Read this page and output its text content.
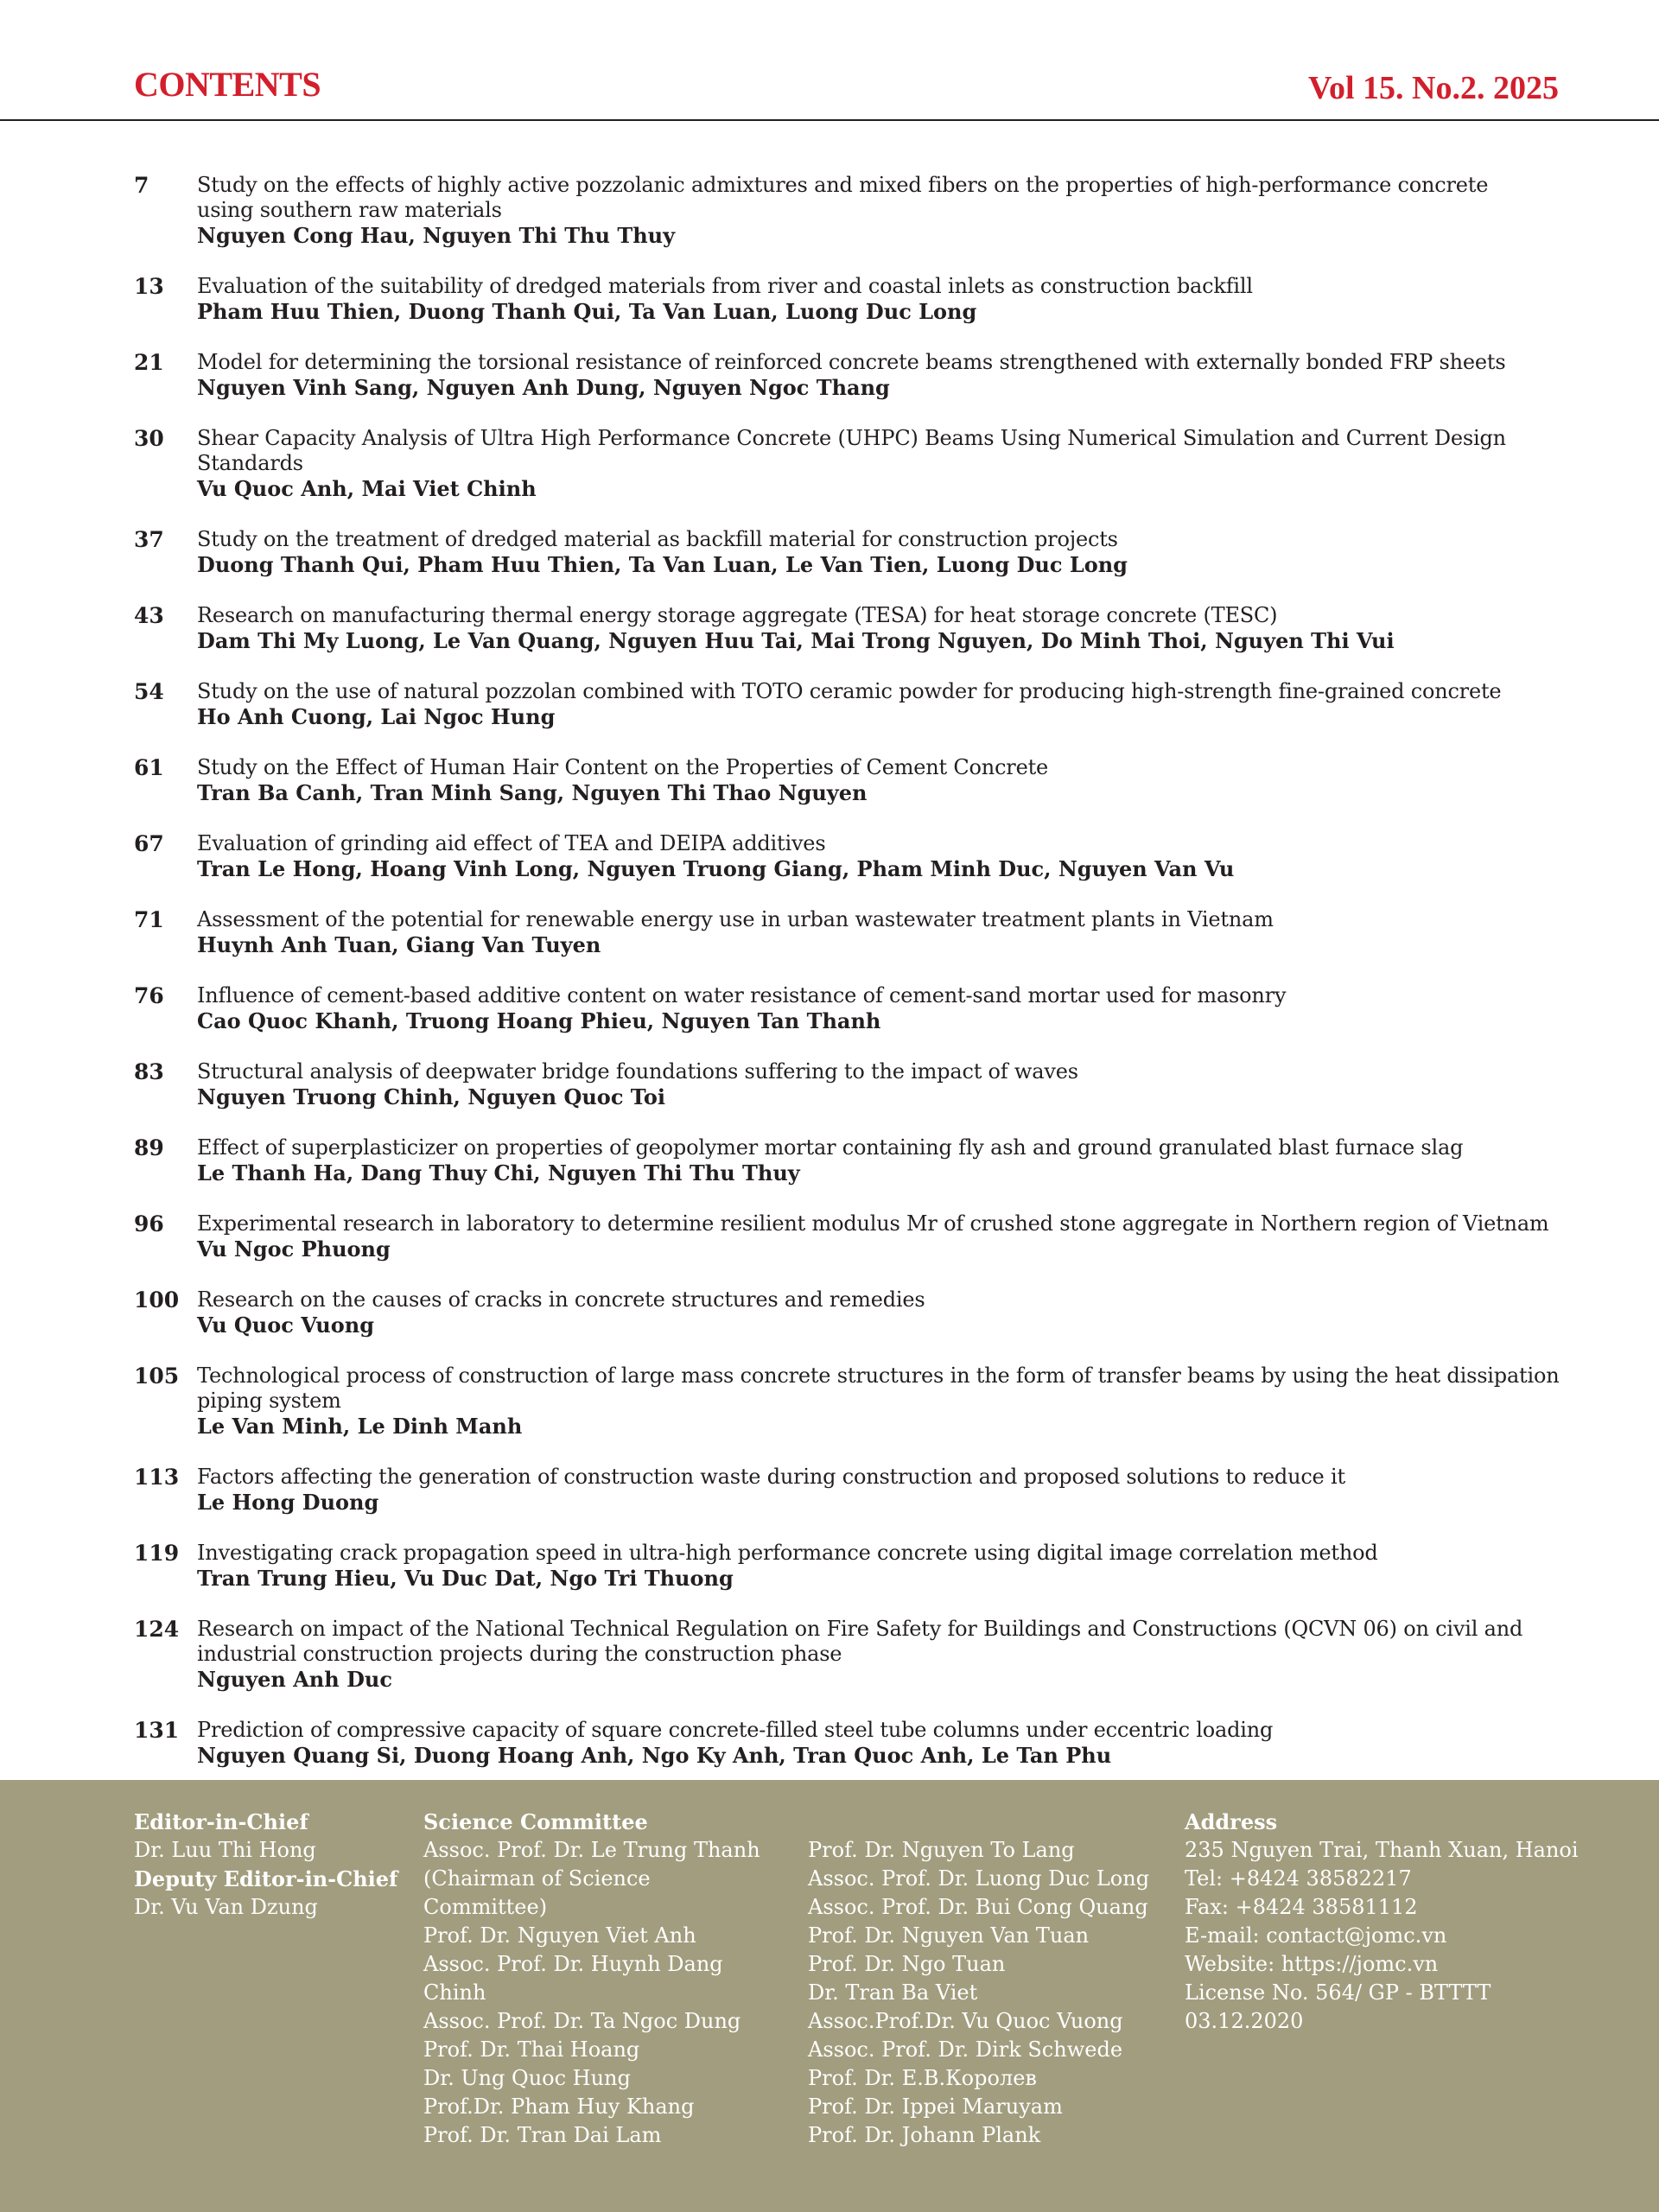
CONTENTS	Vol 15. No.2. 2025
7	Study on the effects of highly active pozzolanic admixtures and mixed fibers on the properties of high-performance concrete
using southern raw materials
Nguyen Cong Hau, Nguyen Thi Thu Thuy
13	Evaluation of the suitability of dredged materials from river and coastal inlets as construction backfill
Pham Huu Thien, Duong Thanh Qui, Ta Van Luan, Luong Duc Long
21	Model for determining the torsional resistance of reinforced concrete beams strengthened with externally bonded FRP sheets
Nguyen Vinh Sang, Nguyen Anh Dung, Nguyen Ngoc Thang
30	Shear Capacity Analysis of Ultra High Performance Concrete (UHPC) Beams Using Numerical Simulation and Current Design Standards
Vu Quoc Anh, Mai Viet Chinh
37	Study on the treatment of dredged material as backfill material for construction projects
Duong Thanh Qui, Pham Huu Thien, Ta Van Luan, Le Van Tien, Luong Duc Long
43	Research on manufacturing thermal energy storage aggregate (TESA) for heat storage concrete (TESC)
Dam Thi My Luong, Le Van Quang, Nguyen Huu Tai, Mai Trong Nguyen, Do Minh Thoi, Nguyen Thi Vui
54	Study on the use of natural pozzolan combined with TOTO ceramic powder for producing high-strength fine-grained concrete
Ho Anh Cuong, Lai Ngoc Hung
61	Study on the Effect of Human Hair Content on the Properties of Cement Concrete
Tran Ba Canh, Tran Minh Sang, Nguyen Thi Thao Nguyen
67	Evaluation of grinding aid effect of TEA and DEIPA additives
Tran Le Hong, Hoang Vinh Long, Nguyen Truong Giang, Pham Minh Duc, Nguyen Van Vu
71	Assessment of the potential for renewable energy use in urban wastewater treatment plants in Vietnam
Huynh Anh Tuan, Giang Van Tuyen
76	Influence of cement-based additive content on water resistance of cement-sand mortar used for masonry
Cao Quoc Khanh, Truong Hoang Phieu, Nguyen Tan Thanh
83	Structural analysis of deepwater bridge foundations suffering to the impact of waves
Nguyen Truong Chinh, Nguyen Quoc Toi
89	Effect of superplasticizer on properties of geopolymer mortar containing fly ash and ground granulated blast furnace slag
Le Thanh Ha, Dang Thuy Chi, Nguyen Thi Thu Thuy
96	Experimental research in laboratory to determine resilient modulus Mr of crushed stone aggregate in Northern region of Vietnam
Vu Ngoc Phuong
100 Research on the causes of cracks in concrete structures and remedies
Vu Quoc Vuong
105 Technological process of construction of large mass concrete structures in the form of transfer beams by using the heat dissipation
piping system
Le Van Minh, Le Dinh Manh
113 Factors affecting the generation of construction waste during construction and proposed solutions to reduce it
Le Hong Duong
119 Investigating crack propagation speed in ultra-high performance concrete using digital image correlation method
Tran Trung Hieu, Vu Duc Dat, Ngo Tri Thuong
124 Research on impact of the National Technical Regulation on Fire Safety for Buildings and Constructions (QCVN 06) on civil and
industrial construction projects during the construction phase
Nguyen Anh Duc
131 Prediction of compressive capacity of square concrete-filled steel tube columns under eccentric loading
Nguyen Quang Si, Duong Hoang Anh, Ngo Ky Anh, Tran Quoc Anh, Le Tan Phu
Editor-in-Chief
Dr. Luu Thi Hong
Deputy Editor-in-Chief
Dr. Vu Van Dzung
Science Committee
Assoc. Prof. Dr. Le Trung Thanh
(Chairman of Science
Committee)
Prof. Dr. Nguyen Viet Anh
Assoc. Prof. Dr. Huynh Dang
Chinh
Assoc. Prof. Dr. Ta Ngoc Dung
Prof. Dr. Thai Hoang
Dr. Ung Quoc Hung
Prof.Dr. Pham Huy Khang
Prof. Dr. Tran Dai Lam
Prof. Dr. Nguyen To Lang
Assoc. Prof. Dr. Luong Duc Long
Assoc. Prof. Dr. Bui Cong Quang
Prof. Dr. Nguyen Van Tuan
Prof. Dr. Ngo Tuan
Dr. Tran Ba Viet
Assoc.Prof.Dr. Vu Quoc Vuong
Assoc. Prof. Dr. Dirk Schwede
Prof. Dr. Е.В.Королев
Prof. Dr. Ippei Maruyam
Prof. Dr. Johann Plank
Address
235 Nguyen Trai, Thanh Xuan, Hanoi
Tel: +8424 38582217
Fax: +8424 38581112
E-mail: contact@jomc.vn
Website: https://jomc.vn
License No. 564/ GP - BTTTT
03.12.2020
